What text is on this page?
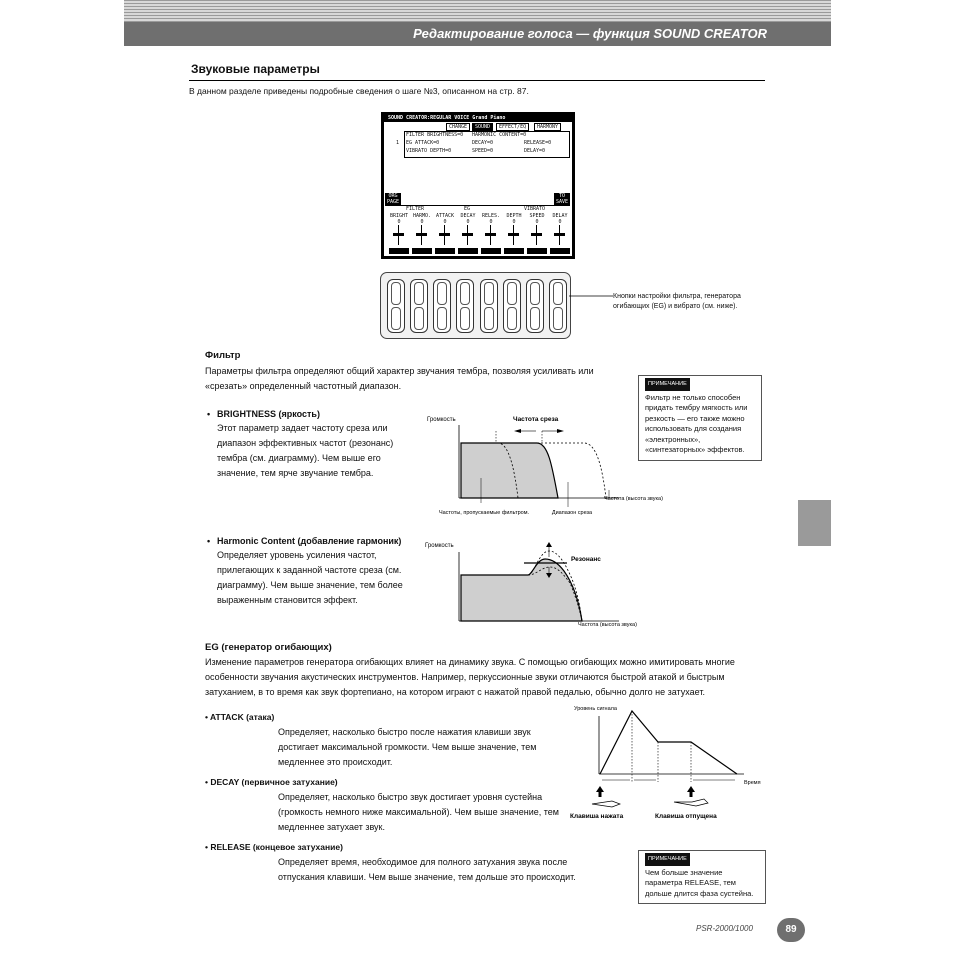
Редактирование голоса — функция SOUND CREATOR
Звуковые параметры
В данном разделе приведены подробные сведения о шаге №3, описанном на стр. 87.
SOUND CREATOR:REGULAR VOICE Grand Piano
CHANGE	SOUND	EFFECT/EQ	HARMONY
1
FILTER BRIGHTNESS=0 HARMONIC CONTENT=0
EG ATTACK=0	DECAY=0	RELEASE=0
VIBRATO DEPTH=0	SPEED=0	DELAY=0
ORG PAGE
TO SAVE
FILTER	EG	VIBRATO
BRIGHT
0
HARMO.
0
ATTACK
0
DECAY
0
RELES.
0
DEPTH
0
SPEED
0
DELAY
0
Кнопки настройки фильтра, генератора огибающих (EG) и вибрато (см. ниже).
Фильтр
Параметры фильтра определяют общий характер звучания тембра, позволяя усиливать или «срезать» определенный частотный диапазон.	ПРИМЕЧАНИЕ
Фильтр не только способен придать тембру мягкость или резкость — его также можно использовать для создания «электронных», «синтезаторных» эффектов.
• BRIGHTNESS (яркость)
Этот параметр задает частоту среза или диапазон эффективных частот (резонанс) тембра (см. диаграмму). Чем выше его значение, тем ярче звучание тембра.
Громкость	Частота среза
Частоты, пропускаемые фильтром.	Диапазон среза
Частота (высота звука)
• Harmonic Content (добавление гармоник)
Определяет уровень усиления частот, прилегающих к заданной частоте среза (см. диаграмму). Чем выше значение, тем более выраженным становится эффект.
Громкость
Резонанс
Частота (высота звука)
EG (генератор огибающих)
Изменение параметров генератора огибающих влияет на динамику звука. С помощью огибающих можно имитировать многие особенности звучания акустических инструментов. Например, перкуссионные звуки отличаются быстрой атакой и быстрым затуханием, в то время как звук фортепиано, на котором играют с нажатой правой педалью, обычно долго не затухает.
• ATTACK (атака)
Определяет, насколько быстро после нажатия клавиши звук достигает максимальной громкости. Чем выше значение, тем медленнее это происходит.
• DECAY (первичное затухание)
Определяет, насколько быстро звук достигает уровня сустейна (громкость немного ниже максимальной). Чем выше значение, тем медленнее затухает звук.
• RELEASE (концевое затухание)
Определяет время, необходимое для полного затухания звука после отпускания клавиши. Чем выше значение, тем дольше это происходит.
Уровень сигнала
Время
Клавиша нажата	Клавиша отпущена
ПРИМЕЧАНИЕ
Чем больше значение параметра RELEASE, тем дольше длится фаза сустейна.
PSR-2000/1000	89
